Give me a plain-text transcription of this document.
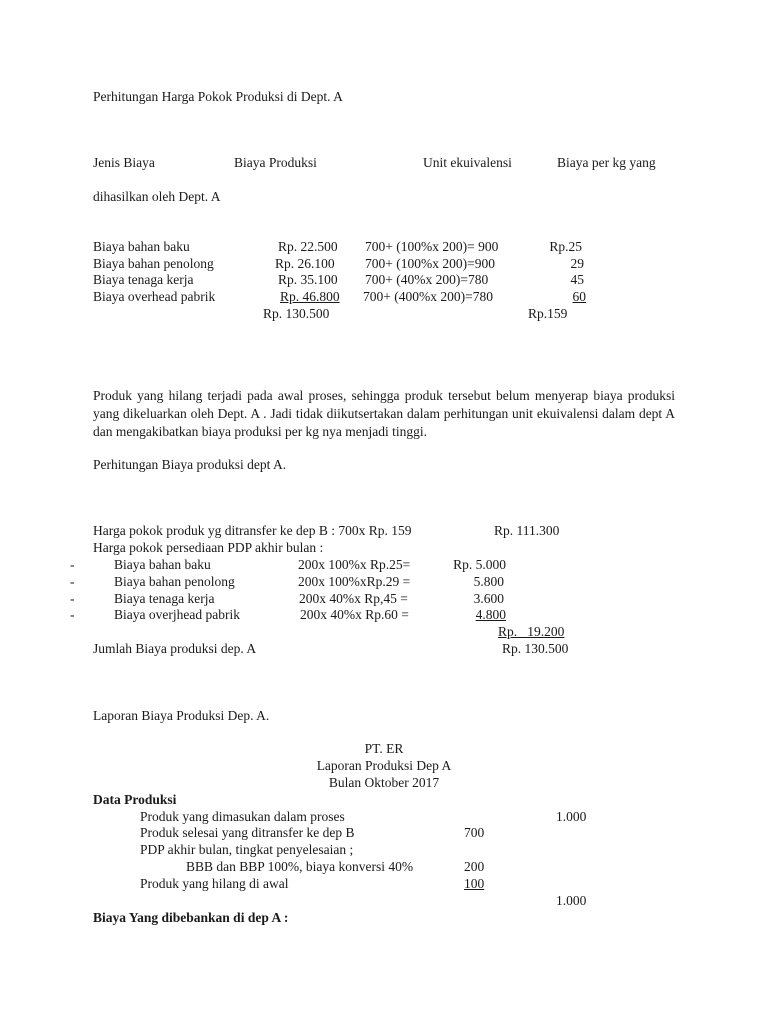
Perhitungan Harga Pokok Produksi di Dept. A
Jenis Biaya	Biaya Produksi	Unit ekuivalensi	Biaya per kg yang
dihasilkan oleh Dept. A
Biaya bahan baku	Rp. 22.500 700+ (100%x 200)= 900	Rp.25
Biaya bahan penolong	Rp. 26.100 700+ (100%x 200)=900	29
Biaya tenaga kerja	Rp. 35.100 700+ (40%x 200)=780	45
Biaya overhead pabrik	Rp. 46.800 700+ (400%x 200)=780	60
Rp. 130.500	Rp.159
Produk yang hilang terjadi pada awal proses, sehingga produk tersebut belum menyerap biaya produksi yang dikeluarkan oleh Dept. A . Jadi tidak diikutsertakan dalam perhitungan unit ekuivalensi dalam dept A dan mengakibatkan biaya produksi per kg nya menjadi tinggi.
Perhitungan Biaya produksi dept A.
Harga pokok produk yg ditransfer ke dep B : 700x Rp. 159	Rp. 111.300
Harga pokok persediaan PDP akhir bulan :
-	Biaya bahan baku	200x 100%x Rp.25=	Rp. 5.000
-	Biaya bahan penolong	200x 100%xRp.29 =	5.800
-	Biaya tenaga kerja	200x 40%x Rp,45 =	3.600
-	Biaya overjhead pabrik	200x 40%x Rp.60 =	4.800
Rp.   19.200
Jumlah Biaya produksi dep. A	Rp. 130.500
Laporan Biaya Produksi Dep. A.
PT. ER
Laporan Produksi Dep A
Bulan Oktober 2017
Data Produksi
Produk yang dimasukan dalam proses	1.000
Produk selesai yang ditransfer ke dep B	700
PDP akhir bulan, tingkat penyelesaian ;
BBB dan BBP 100%, biaya konversi 40%	200
Produk yang hilang di awal	100
1.000
Biaya Yang dibebankan di dep A :
